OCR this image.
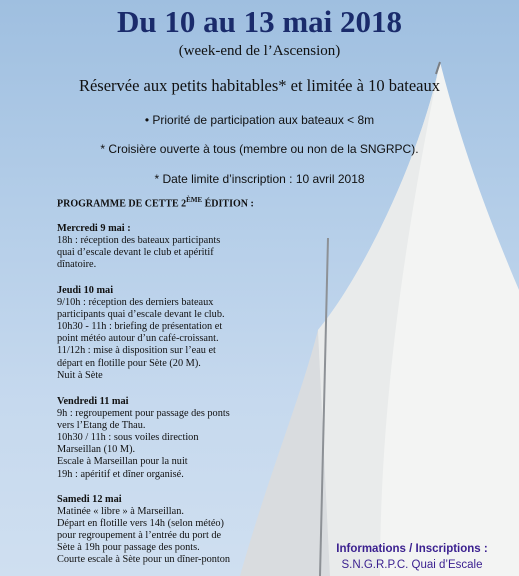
Du 10 au 13 mai 2018

(week-end de l’Ascension)

Réservée aux petits habitables* et limitée à 10 bateaux

• Priorité de participation aux bateaux < 8m

* Croisière ouverte à tous (membre ou non de la SNGRPC).

* Date limite d’inscription : 10 avril 2018

PROGRAMME DE CETTE 2ÈME ÉDITION :

Mercredi 9 mai :
18h : réception des bateaux participants
quai d’escale devant le club et apéritif
dînatoire.
Jeudi 10 mai
9/10h : réception des derniers bateaux
participants quai d’escale devant le club.
10h30 - 11h : briefing de présentation et
point météo autour d’un café-croissant.
11/12h : mise à disposition sur l’eau et
départ en flotille pour Sète (20 M).
Nuit à Sète
Vendredi 11 mai
9h : regroupement pour passage des ponts
vers l’Etang de Thau.
10h30 / 11h : sous voiles direction
Marseillan (10 M).
Escale à Marseillan pour la nuit
19h : apéritif et dîner organisé.
Samedi 12 mai
Matinée « libre » à Marseillan.
Départ en flotille vers 14h (selon météo)
pour regroupement à l’entrée du port de
Sète à 19h pour passage des ponts.
Courte escale à Sète pour un dîner-ponton
Informations / Inscriptions :
S.N.G.R.P.C. Quai d’Escale
